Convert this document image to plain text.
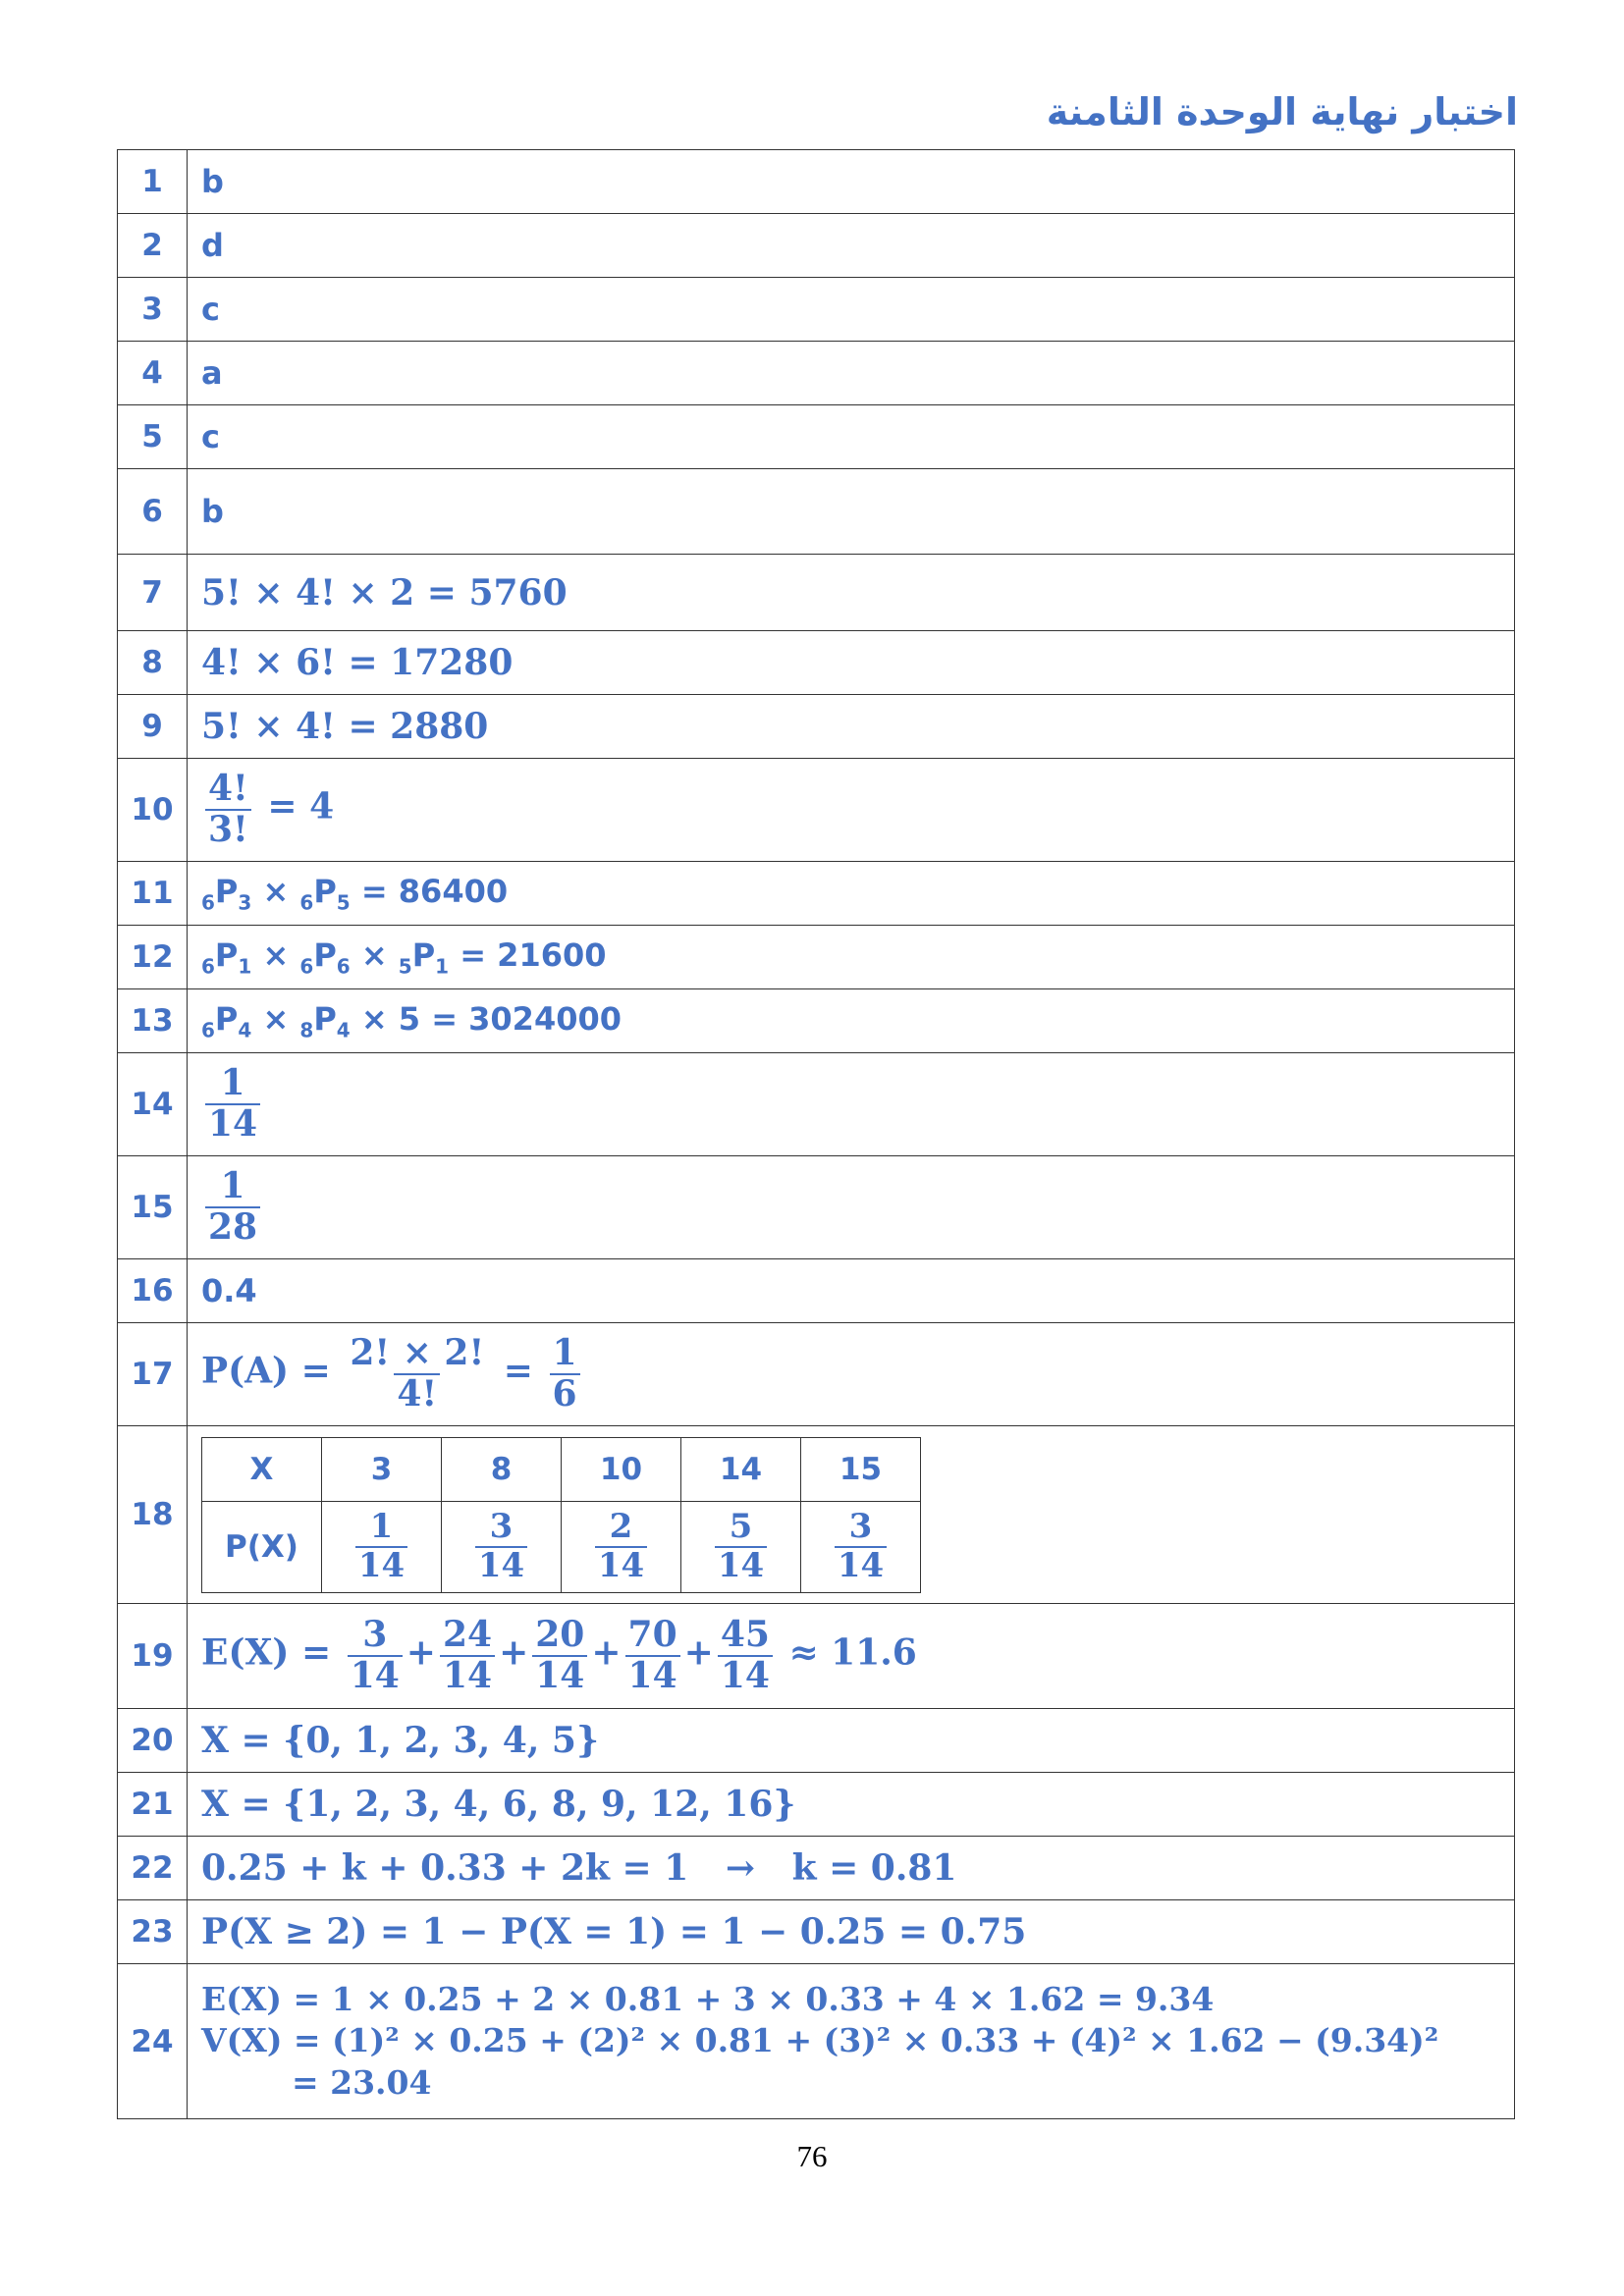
اختبار نهاية الوحدة الثامنة
1	b
2	d
3	c
4	a
5	c
6	b
7	5! × 4! × 2 = 5760
8	4! × 6! = 17280
9	5! × 4! = 2880
10	$\frac{4!}{3!} = 4$
11	$_6P_3 \times _6P_5 = 86400$
12	$_6P_1 \times _6P_6 \times _5P_1 = 21600$
13	$_6P_4 \times _8P_4 \times 5 = 3024000$
14	$\frac{1}{14}$

15	$\frac{1}{28}$

16	0.4
17	$P(A) = \frac{2! \times 2!}{4!} = \frac{1}{6}$

18	
X	3	8	10	14	15
P(X)	$\frac{1}{14}$	$\frac{3}{14}$	$\frac{2}{14}$	$\frac{5}{14}$	$\frac{3}{14}$

19	$E(X) = \frac{3}{14} + \frac{24}{14} + \frac{20}{14} + \frac{70}{14} + \frac{45}{14} \approx 11.6$
20	X = {0, 1, 2, 3, 4, 5}
21	X = {1, 2, 3, 4, 6, 8, 9, 12, 16}
22	0.25 + k + 0.33 + 2k = 1   →   k = 0.81
23	P(X ≥ 2) = 1 − P(X = 1) = 1 − 0.25 = 0.75
24	
E(X) = 1 × 0.25 + 2 × 0.81 + 3 × 0.33 + 4 × 1.62 = 9.34
V(X) = (1)² × 0.25 + (2)² × 0.81 + (3)² × 0.33 + (4)² × 1.62 − (9.34)²
= 23.04
76
